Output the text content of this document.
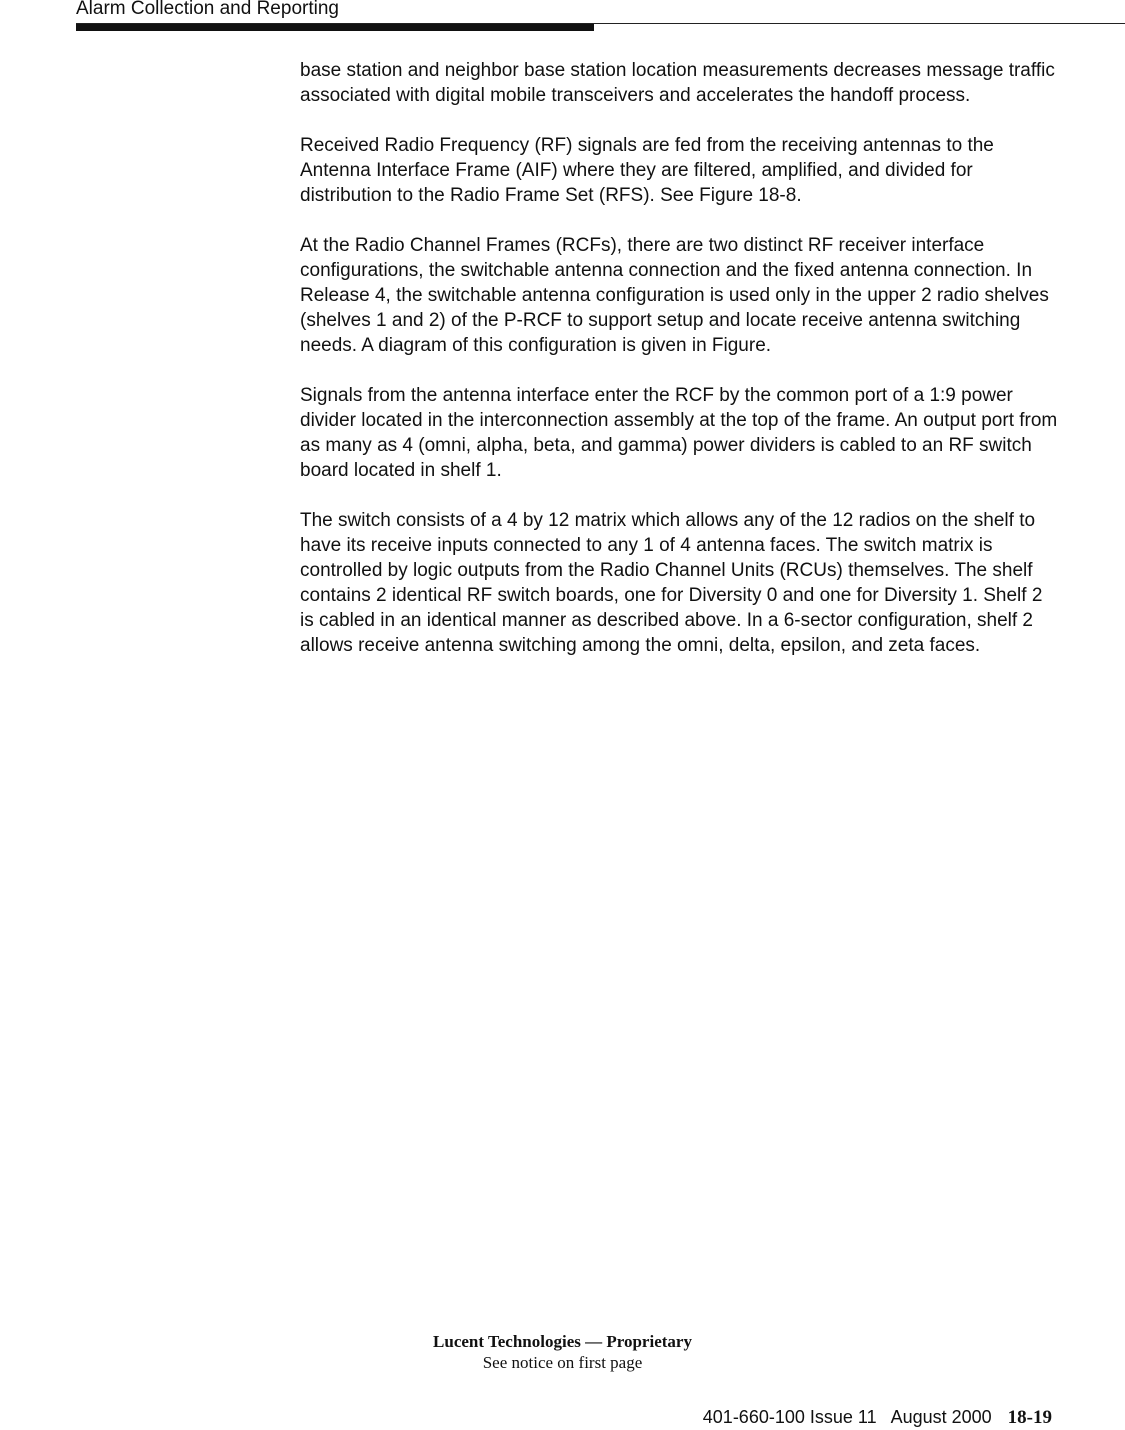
Alarm Collection and Reporting

base station and neighbor base station location measurements decreases message traffic associated with digital mobile transceivers and accelerates the handoff process.

Received Radio Frequency (RF) signals are fed from the receiving antennas to the Antenna Interface Frame (AIF) where they are filtered, amplified, and divided for distribution to the Radio Frame Set (RFS). See Figure 18-8.

At the Radio Channel Frames (RCFs), there are two distinct RF receiver interface configurations, the switchable antenna connection and the fixed antenna connection. In Release 4, the switchable antenna configuration is used only in the upper 2 radio shelves (shelves 1 and 2) of the P-RCF to support setup and locate receive antenna switching needs. A diagram of this configuration is given in Figure.

Signals from the antenna interface enter the RCF by the common port of a 1:9 power divider located in the interconnection assembly at the top of the frame. An output port from as many as 4 (omni, alpha, beta, and gamma) power dividers is cabled to an RF switch board located in shelf 1.

The switch consists of a 4 by 12 matrix which allows any of the 12 radios on the shelf to have its receive inputs connected to any 1 of 4 antenna faces. The switch matrix is controlled by logic outputs from the Radio Channel Units (RCUs) themselves. The shelf contains 2 identical RF switch boards, one for Diversity 0 and one for Diversity 1. Shelf 2 is cabled in an identical manner as described above. In a 6-sector configuration, shelf 2 allows receive antenna switching among the omni, delta, epsilon, and zeta faces.

Lucent Technologies — Proprietary
See notice on first page
401-660-100 Issue 11 August 2000 18-19
